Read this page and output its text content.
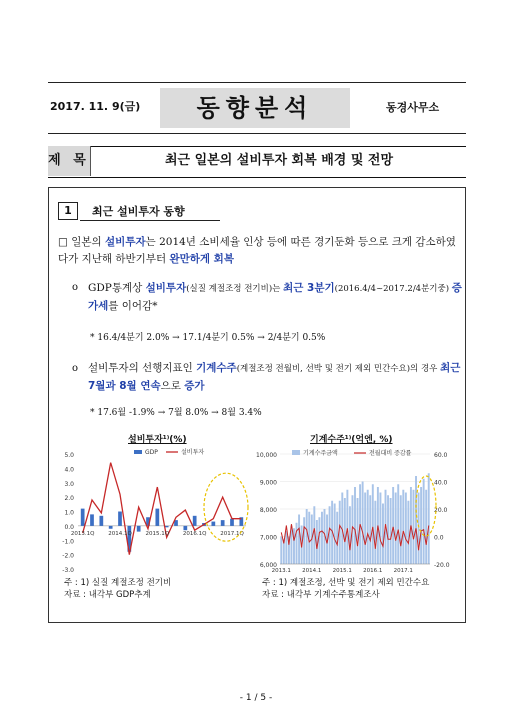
2017. 11. 9(금)	동향분석	동경사무소
제 목	최근 일본의 설비투자 회복 배경 및 전망
1	최근 설비투자 동향
□ 일본의 설비투자는 2014년 소비세율 인상 등에 따른 경기둔화 등으로 크게 감소하였다가 지난해 하반기부터 완만하게 회복
o GDP통계상 설비투자(실질 계절조정 전기비)는 최근 3분기(2016.4/4~2017.2/4분기중) 증가세를 이어감*
* 16.4/4분기 2.0% → 17.1/4분기 0.5% → 2/4분기 0.5%
o 설비투자의 선행지표인 기계수주(계절조정 전월비, 선박 및 전기 제외 민간수요)의 경우 최근 7월과 8월 연속으로 증가
* 17.6월 -1.9% → 7월 8.0% → 8월 3.4%
설비투자¹⁾(%)	기계수주¹⁾(억엔, %)
5.0
4.0
3.0
2.0
1.0
0.0
-1.0
-2.0
-3.0
2013.1Q	2014.1Q	2015.1Q	2016.1Q	2017.1Q
GDP	설비투자	10,000
9,000
8,000
7,000
6,000
60.0
40.0
20.0
0.0
-20.0
2013.1 2014.1 2015.1 2016.1 2017.1
기계수주금액	전월대비 증감률
주 : 1) 실질 계절조정 전기비
자료 : 내각부 GDP추계
주 : 1) 계절조정, 선박 및 전기 제외 민간수요
자료 : 내각부 기계수주통계조사
- 1 / 5 -
